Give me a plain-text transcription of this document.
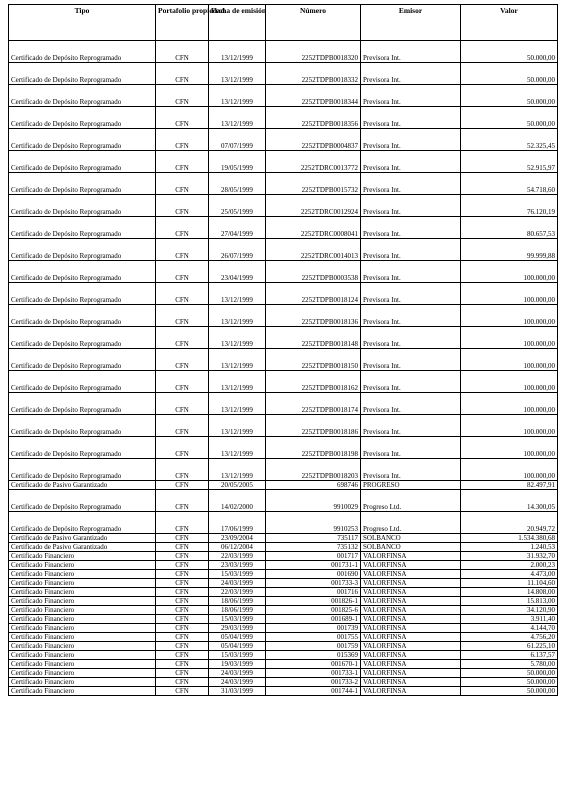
Tipo	Portafolio propiedad	Fecha de emisión	Número	Emisor	Valor
Certificado de Depósito Reprogramado	CFN	13/12/1999	2252TDPB0018320	Previsora Int.	50.000,00
Certificado de Depósito Reprogramado	CFN	13/12/1999	2252TDPB0018332	Previsora Int.	50.000,00
Certificado de Depósito Reprogramado	CFN	13/12/1999	2252TDPB0018344	Previsora Int.	50.000,00
Certificado de Depósito Reprogramado	CFN	13/12/1999	2252TDPB0018356	Previsora Int.	50.000,00
Certificado de Depósito Reprogramado	CFN	07/07/1999	2252TDPB0004837	Previsora Int.	52.325,45
Certificado de Depósito Reprogramado	CFN	19/05/1999	2252TDRC0013772	Previsora Int.	52.915,97
Certificado de Depósito Reprogramado	CFN	28/05/1999	2252TDPB0015732	Previsora Int.	54.718,60
Certificado de Depósito Reprogramado	CFN	25/05/1999	2252TDRC0012924	Previsora Int.	76.120,19
Certificado de Depósito Reprogramado	CFN	27/04/1999	2252TDRC0008041	Previsora Int.	80.657,53
Certificado de Depósito Reprogramado	CFN	26/07/1999	2252TDRC0014013	Previsora Int.	99.999,88
Certificado de Depósito Reprogramado	CFN	23/04/1999	2252TDPB0003538	Previsora Int.	100.000,00
Certificado de Depósito Reprogramado	CFN	13/12/1999	2252TDPB0018124	Previsora Int.	100.000,00
Certificado de Depósito Reprogramado	CFN	13/12/1999	2252TDPB0018136	Previsora Int.	100.000,00
Certificado de Depósito Reprogramado	CFN	13/12/1999	2252TDPB0018148	Previsora Int.	100.000,00
Certificado de Depósito Reprogramado	CFN	13/12/1999	2252TDPB0018150	Previsora Int.	100.000,00
Certificado de Depósito Reprogramado	CFN	13/12/1999	2252TDPB0018162	Previsora Int.	100.000,00
Certificado de Depósito Reprogramado	CFN	13/12/1999	2252TDPB0018174	Previsora Int.	100.000,00
Certificado de Depósito Reprogramado	CFN	13/12/1999	2252TDPB0018186	Previsora Int.	100.000,00
Certificado de Depósito Reprogramado	CFN	13/12/1999	2252TDPB0018198	Previsora Int.	100.000,00
Certificado de Depósito Reprogramado	CFN	13/12/1999	2252TDPB0018203	Previsora Int.	100.000,00
Certificado de Pasivo Garantizado	CFN	20/05/2005	698746	PROGRESO	82.497,91
Certificado de Depósito Reprogramado	CFN	14/02/2000	9910029	Progreso Ltd.	14.300,05
Certificado de Depósito Reprogramado	CFN	17/06/1999	9910253	Progreso Ltd.	20.949,72
Certificado de Pasivo Garantizado	CFN	23/09/2004	735117	SOLBANCO	1.534.380,68
Certificado de Pasivo Garantizado	CFN	06/12/2004	735132	SOLBANCO	1.240,53
Certificado Financiero	CFN	22/03/1999	001717	VALORFINSA	31.932,70
Certificado Financiero	CFN	23/03/1999	001731-1	VALORFINSA	2.000,23
Certificado Financiero	CFN	15/03/1999	001690	VALORFINSA	4.473,00
Certificado Financiero	CFN	24/03/1999	001733-3	VALORFINSA	11.104,60
Certificado Financiero	CFN	22/03/1999	001716	VALORFINSA	14.808,00
Certificado Financiero	CFN	18/06/1999	001826-1	VALORFINSA	15.813,00
Certificado Financiero	CFN	18/06/1999	001825-6	VALORFINSA	34.120,90
Certificado Financiero	CFN	15/03/1999	001689-1	VALORFINSA	3.911,40
Certificado Financiero	CFN	29/03/1999	001739	VALORFINSA	4.144,70
Certificado Financiero	CFN	05/04/1999	001755	VALORFINSA	4.756,20
Certificado Financiero	CFN	05/04/1999	001759	VALORFINSA	61.225,10
Certificado Financiero	CFN	15/03/1999	015369	VALORFINSA	6.137,57
Certificado Financiero	CFN	19/03/1999	001670-1	VALORFINSA	5.780,00
Certificado Financiero	CFN	24/03/1999	001733-1	VALORFINSA	50.000,00
Certificado Financiero	CFN	24/03/1999	001733-2	VALORFINSA	50.000,00
Certificado Financiero	CFN	31/03/1999	001744-1	VALORFINSA	50.000,00
